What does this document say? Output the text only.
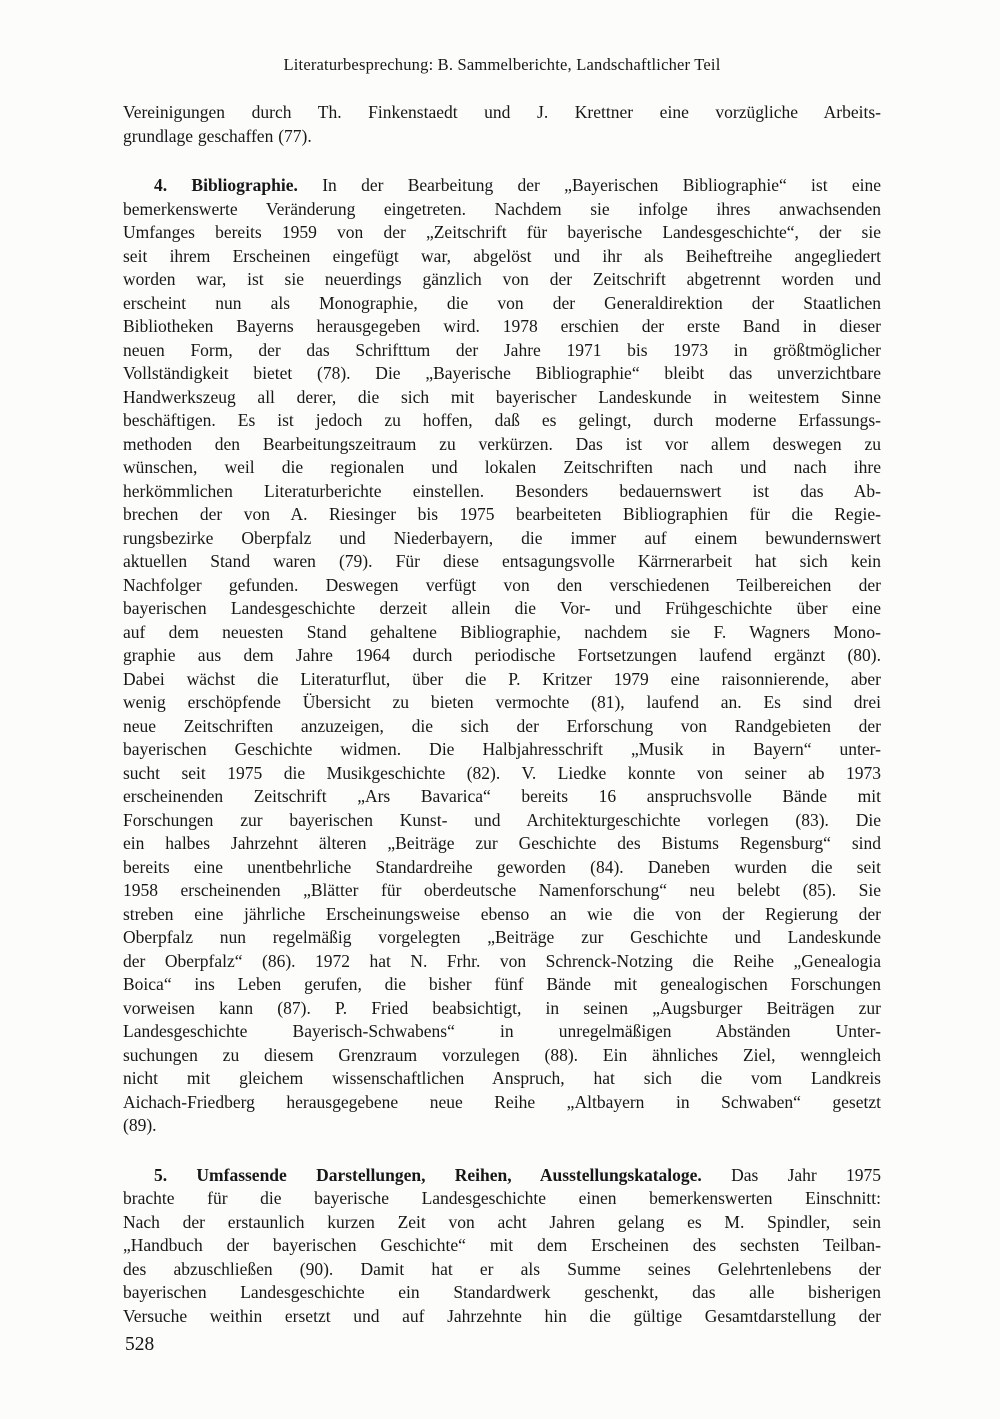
Literaturbesprechung: B. Sammelberichte, Landschaftlicher Teil
Vereinigungen durch Th. Finkenstaedt und J. Krettner eine vorzügliche Arbeits-
grundlage geschaffen (77).
4. Bibliographie. In der Bearbeitung der „Bayerischen Bibliographie“ ist eine
bemerkenswerte Veränderung eingetreten. Nachdem sie infolge ihres anwachsenden
Umfanges bereits 1959 von der „Zeitschrift für bayerische Landesgeschichte“, der sie
seit ihrem Erscheinen eingefügt war, abgelöst und ihr als Beiheftreihe angegliedert
worden war, ist sie neuerdings gänzlich von der Zeitschrift abgetrennt worden und
erscheint nun als Monographie, die von der Generaldirektion der Staatlichen
Bibliotheken Bayerns herausgegeben wird. 1978 erschien der erste Band in dieser
neuen Form, der das Schrifttum der Jahre 1971 bis 1973 in größtmöglicher
Vollständigkeit bietet (78). Die „Bayerische Bibliographie“ bleibt das unverzichtbare
Handwerkszeug all derer, die sich mit bayerischer Landeskunde in weitestem Sinne
beschäftigen. Es ist jedoch zu hoffen, daß es gelingt, durch moderne Erfassungs-
methoden den Bearbeitungszeitraum zu verkürzen. Das ist vor allem deswegen zu
wünschen, weil die regionalen und lokalen Zeitschriften nach und nach ihre
herkömmlichen Literaturberichte einstellen. Besonders bedauernswert ist das Ab-
brechen der von A. Riesinger bis 1975 bearbeiteten Bibliographien für die Regie-
rungsbezirke Oberpfalz und Niederbayern, die immer auf einem bewundernswert
aktuellen Stand waren (79). Für diese entsagungsvolle Kärrnerarbeit hat sich kein
Nachfolger gefunden. Deswegen verfügt von den verschiedenen Teilbereichen der
bayerischen Landesgeschichte derzeit allein die Vor- und Frühgeschichte über eine
auf dem neuesten Stand gehaltene Bibliographie, nachdem sie F. Wagners Mono-
graphie aus dem Jahre 1964 durch periodische Fortsetzungen laufend ergänzt (80).
Dabei wächst die Literaturflut, über die P. Kritzer 1979 eine raisonnierende, aber
wenig erschöpfende Übersicht zu bieten vermochte (81), laufend an. Es sind drei
neue Zeitschriften anzuzeigen, die sich der Erforschung von Randgebieten der
bayerischen Geschichte widmen. Die Halbjahresschrift „Musik in Bayern“ unter-
sucht seit 1975 die Musikgeschichte (82). V. Liedke konnte von seiner ab 1973
erscheinenden Zeitschrift „Ars Bavarica“ bereits 16 anspruchsvolle Bände mit
Forschungen zur bayerischen Kunst- und Architekturgeschichte vorlegen (83). Die
ein halbes Jahrzehnt älteren „Beiträge zur Geschichte des Bistums Regensburg“ sind
bereits eine unentbehrliche Standardreihe geworden (84). Daneben wurden die seit
1958 erscheinenden „Blätter für oberdeutsche Namenforschung“ neu belebt (85). Sie
streben eine jährliche Erscheinungsweise ebenso an wie die von der Regierung der
Oberpfalz nun regelmäßig vorgelegten „Beiträge zur Geschichte und Landeskunde
der Oberpfalz“ (86). 1972 hat N. Frhr. von Schrenck-Notzing die Reihe „Genealogia
Boica“ ins Leben gerufen, die bisher fünf Bände mit genealogischen Forschungen
vorweisen kann (87). P. Fried beabsichtigt, in seinen „Augsburger Beiträgen zur
Landesgeschichte Bayerisch-Schwabens“ in unregelmäßigen Abständen Unter-
suchungen zu diesem Grenzraum vorzulegen (88). Ein ähnliches Ziel, wenngleich
nicht mit gleichem wissenschaftlichen Anspruch, hat sich die vom Landkreis
Aichach-Friedberg herausgegebene neue Reihe „Altbayern in Schwaben“ gesetzt
(89).
5. Umfassende Darstellungen, Reihen, Ausstellungskataloge. Das Jahr 1975
brachte für die bayerische Landesgeschichte einen bemerkenswerten Einschnitt:
Nach der erstaunlich kurzen Zeit von acht Jahren gelang es M. Spindler, sein
„Handbuch der bayerischen Geschichte“ mit dem Erscheinen des sechsten Teilban-
des abzuschließen (90). Damit hat er als Summe seines Gelehrtenlebens der
bayerischen Landesgeschichte ein Standardwerk geschenkt, das alle bisherigen
Versuche weithin ersetzt und auf Jahrzehnte hin die gültige Gesamtdarstellung der
528
